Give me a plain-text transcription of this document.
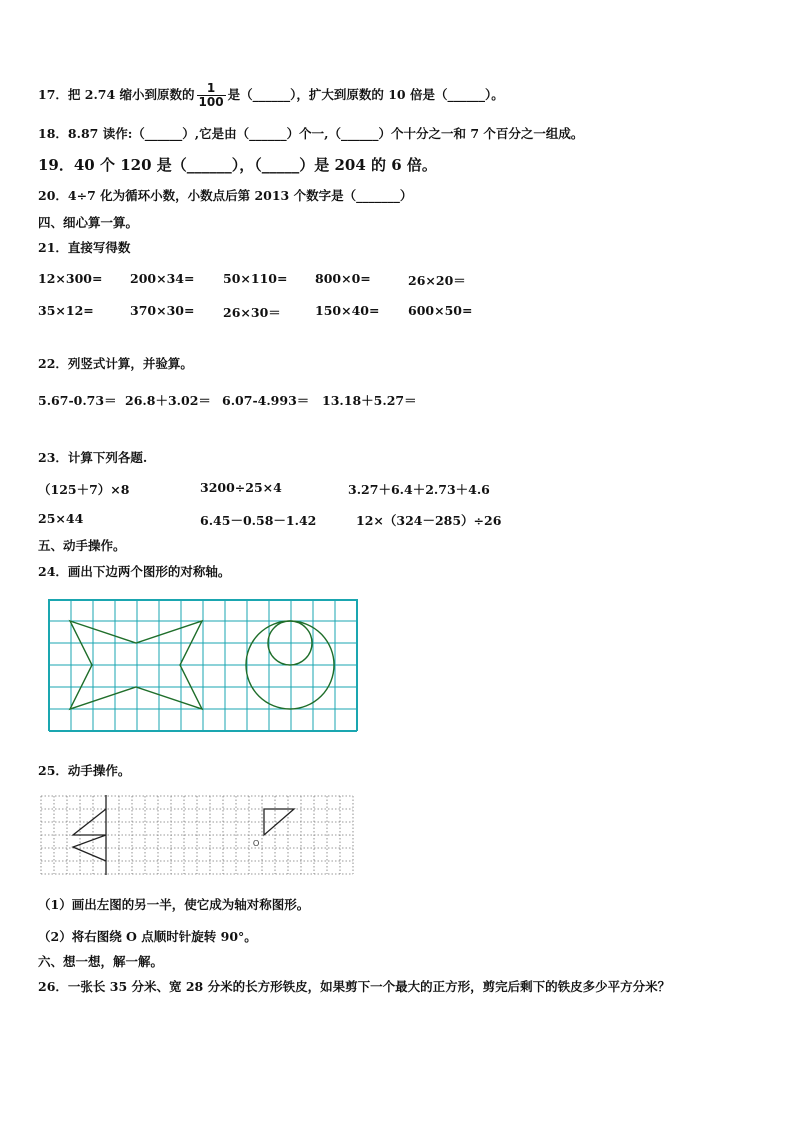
17．把 2.74 缩小到原数的 $\frac{1}{100}$ 是（______），扩大到原数的 10 倍是（______）。
18．8.87 读作:（______）,它是由（______）个一,（______）个十分之一和 7 个百分之一组成。
19．40 个 120 是（______），（_____）是 204 的 6 倍。
20．4÷7 化为循环小数，小数点后第 2013 个数字是（_______）
四、细心算一算。
21．直接写得数
12×300= 200×34= 50×110= 800×0=	26×20＝
35×12=	370×30= 26×30＝	150×40= 600×50=
22．列竖式计算，并验算。
5.67-0.73＝ 26.8＋3.02＝ 6.07-4.993＝ 13.18＋5.27＝
23．计算下列各题.
（125＋7）×8	3200÷25×4	3.27＋6.4＋2.73＋4.6
25×44	6.45－0.58－1.42	12×（324－285）÷26
五、动手操作。
24．画出下边两个图形的对称轴。
25．动手操作。
O
（1）画出左图的另一半，使它成为轴对称图形。
（2）将右图绕 O 点顺时针旋转 90°。
六、想一想，解一解。
26．一张长 35 分米、宽 28 分米的长方形铁皮，如果剪下一个最大的正方形，剪完后剩下的铁皮多少平方分米？
